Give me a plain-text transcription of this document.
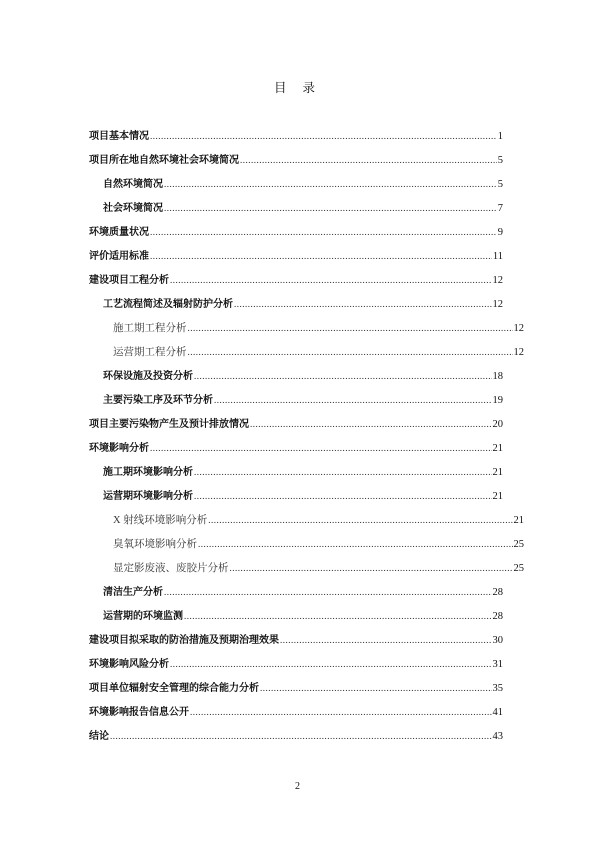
目 录
项目基本情况 .....	1
项目所在地自然环境社会环境简况 .....	5
自然环境简况 .....	5
社会环境简况 .....	7
环境质量状况 .....	9
评价适用标准 .....	11
建设项目工程分析 .....	12
工艺流程简述及辐射防护分析 .....	12
施工期工程分析 .....	12
运营期工程分析 .....	12
环保设施及投资分析 .....	18
主要污染工序及环节分析 .....	19
项目主要污染物产生及预计排放情况 .....	20
环境影响分析 .....	21
施工期环境影响分析 .....	21
运营期环境影响分析 .....	21
X 射线环境影响分析 .....	21
臭氧环境影响分析 .....	25
显定影废液、废胶片分析 .....	25
清洁生产分析 .....	28
运营期的环境监测 .....	28
建设项目拟采取的防治措施及预期治理效果 .....	30
环境影响风险分析 .....	31
项目单位辐射安全管理的综合能力分析 .....	35
环境影响报告信息公开 .....	41
结论 .....	43
2
